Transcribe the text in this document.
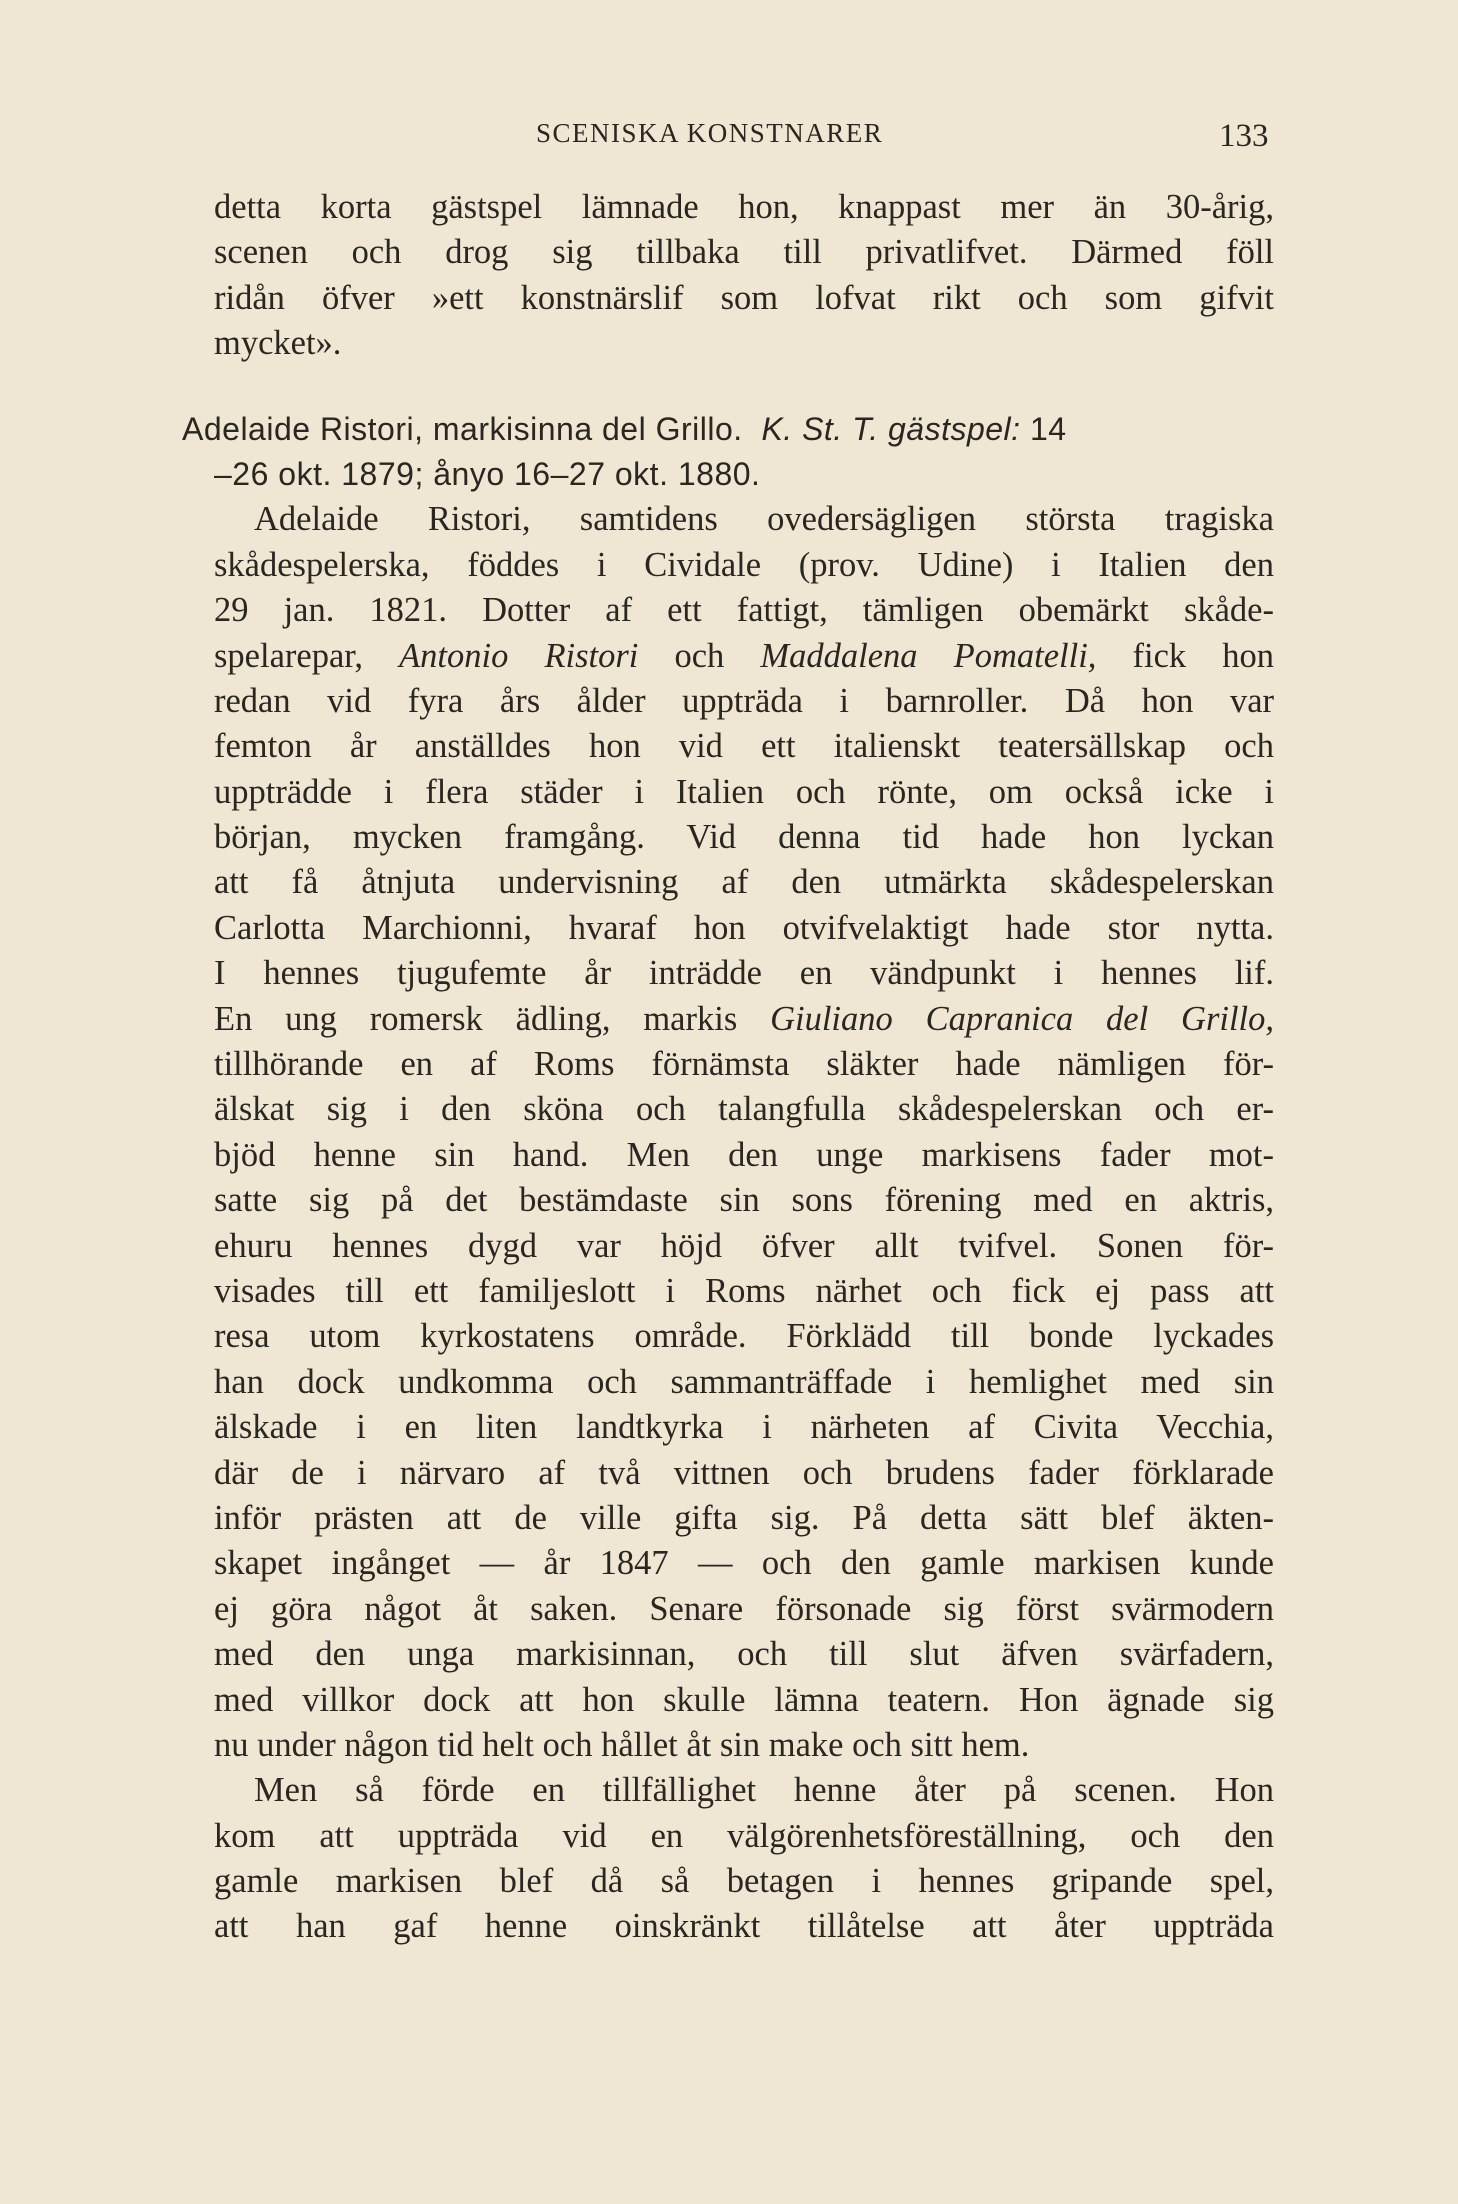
SCENISKA KONSTNARER	133
detta korta gästspel lämnade hon, knappast mer än 30-årig,
scenen och drog sig tillbaka till privatlifvet. Därmed föll
ridån öfver »ett konstnärslif som lofvat rikt och som gifvit
mycket».
Adelaide Ristori, markisinna del Grillo. K. St. T. gästspel: 14
–26 okt. 1879; ånyo 16–27 okt. 1880.
Adelaide Ristori, samtidens ovedersägligen största tragiska
skådespelerska, föddes i Cividale (prov. Udine) i Italien den
29 jan. 1821. Dotter af ett fattigt, tämligen obemärkt skåde-
spelarepar, Antonio Ristori och Maddalena Pomatelli, fick hon
redan vid fyra års ålder uppträda i barnroller. Då hon var
femton år anställdes hon vid ett italienskt teatersällskap och
uppträdde i flera städer i Italien och rönte, om också icke i
början, mycken framgång. Vid denna tid hade hon lyckan
att få åtnjuta undervisning af den utmärkta skådespelerskan
Carlotta Marchionni, hvaraf hon otvifvelaktigt hade stor nytta.
I hennes tjugufemte år inträdde en vändpunkt i hennes lif.
En ung romersk ädling, markis Giuliano Capranica del Grillo,
tillhörande en af Roms förnämsta släkter hade nämligen för-
älskat sig i den sköna och talangfulla skådespelerskan och er-
bjöd henne sin hand. Men den unge markisens fader mot-
satte sig på det bestämdaste sin sons förening med en aktris,
ehuru hennes dygd var höjd öfver allt tvifvel. Sonen för-
visades till ett familjeslott i Roms närhet och fick ej pass att
resa utom kyrkostatens område. Förklädd till bonde lyckades
han dock undkomma och sammanträffade i hemlighet med sin
älskade i en liten landtkyrka i närheten af Civita Vecchia,
där de i närvaro af två vittnen och brudens fader förklarade
inför prästen att de ville gifta sig. På detta sätt blef äkten-
skapet ingånget — år 1847 — och den gamle markisen kunde
ej göra något åt saken. Senare försonade sig först svärmodern
med den unga markisinnan, och till slut äfven svärfadern,
med villkor dock att hon skulle lämna teatern. Hon ägnade sig
nu under någon tid helt och hållet åt sin make och sitt hem.
Men så förde en tillfällighet henne åter på scenen. Hon
kom att uppträda vid en välgörenhetsföreställning, och den
gamle markisen blef då så betagen i hennes gripande spel,
att han gaf henne oinskränkt tillåtelse att åter uppträda
